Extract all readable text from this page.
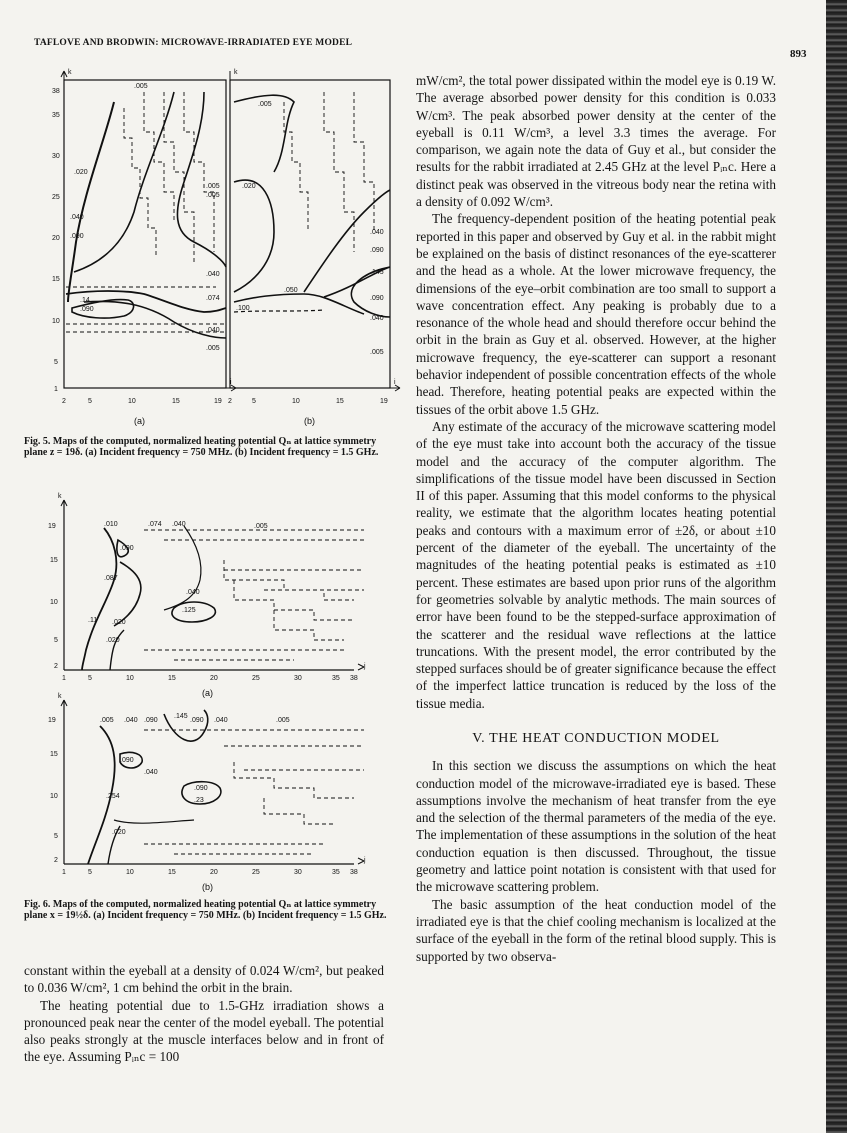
TAFLOVE AND BRODWIN: MICROWAVE-IRRADIATED EYE MODEL
893
.005
.020
.040
.090
.14
.090
.005
.040
.074
.040
.005
38
35
30
25
20
15
10
5
1
2	5	10	15	19
k
i
(a)
.005
.020
.005
.040
.090
.145
.090
.040
.005
.050
.100
2	5	10	15	19
k
i
(b)
Fig. 5. Maps of the computed, normalized heating potential Qₙ at lattice symmetry plane z = 19δ. (a) Incident frequency = 750 MHz. (b) Incident frequency = 1.5 GHz.
.010	.074 .040	.005
.090
.087
.040
.125
.11 .020
.020
19
15
10
5
2
1	5	10	15	20	25	30	35 38
k
j
(a)
.005 .040 .090
.145
.090 .040	.005
.090
.040
.254
.090
.23
.020
19
15
10
5
2
1	5	10	15	20	25	30	35 38
k
j
(b)
Fig. 6. Maps of the computed, normalized heating potential Qₙ at lattice symmetry plane x = 19½δ. (a) Incident frequency = 750 MHz. (b) Incident frequency = 1.5 GHz.

constant within the eyeball at a density of 0.024 W/cm², but peaked to 0.036 W/cm², 1 cm behind the orbit in the brain.

The heating potential due to 1.5-GHz irradiation shows a pronounced peak near the center of the model eyeball. The potential also peaks strongly at the muscle interfaces below and in front of the eye. Assuming Pᵢₙc = 100

mW/cm², the total power dissipated within the model eye is 0.19 W. The average absorbed power density for this condition is 0.033 W/cm³. The peak absorbed power density at the center of the eyeball is 0.11 W/cm³, a level 3.3 times the average. For comparison, we again note the data of Guy et al., but consider the results for the rabbit irradiated at 2.45 GHz at the level Pᵢₙc. Here a distinct peak was observed in the vitreous body near the retina with a density of 0.092 W/cm³.

The frequency-dependent position of the heating potential peak reported in this paper and observed by Guy et al. in the rabbit might be explained on the basis of distinct resonances of the eye-scatterer and the head as a whole. At the lower microwave frequency, the dimensions of the eye–orbit combination are too small to support a wave concentration effect. Any peaking is probably due to a resonance of the whole head and should therefore occur behind the orbit in the brain as Guy et al. observed. However, at the higher microwave frequency, the eye-scatterer can support a resonant behavior independent of possible concentration effects of the whole head. Therefore, heating potential peaks are expected within the tissues of the orbit above 1.5 GHz.

Any estimate of the accuracy of the microwave scattering model of the eye must take into account both the accuracy of the tissue model and the accuracy of the computer algorithm. The simplifications of the tissue model have been discussed in Section II of this paper. Assuming that this model conforms to the physical reality, we estimate that the algorithm locates heating potential peaks and contours with a maximum error of ±2δ, or about ±10 percent of the diameter of the eyeball. The uncertainty of the magnitudes of the heating potential peaks is estimated as ±10 percent. These estimates are based upon prior runs of the algorithm for geometries solvable by analytic methods. The main sources of error have been found to be the stepped-surface approximation of the scatterer and the residual wave reflections at the lattice truncations. With the present model, the error contributed by the stepped surfaces should be of greater significance because the effect of the imperfect lattice truncation is reduced by the loss of the tissue media.

V. THE HEAT CONDUCTION MODEL

In this section we discuss the assumptions on which the heat conduction model of the microwave-irradiated eye is based. These assumptions involve the mechanism of heat transfer from the eye and the selection of the thermal parameters of the media of the eye. The implementation of these assumptions in the solution of the heat conduction equation is then discussed. Throughout, the tissue geometry and lattice point notation is consistent with that used for the microwave scattering problem.

The basic assumption of the heat conduction model of the irradiated eye is that the chief cooling mechanism is localized at the surface of the eyeball in the form of the retinal blood supply. This is supported by two observa-
